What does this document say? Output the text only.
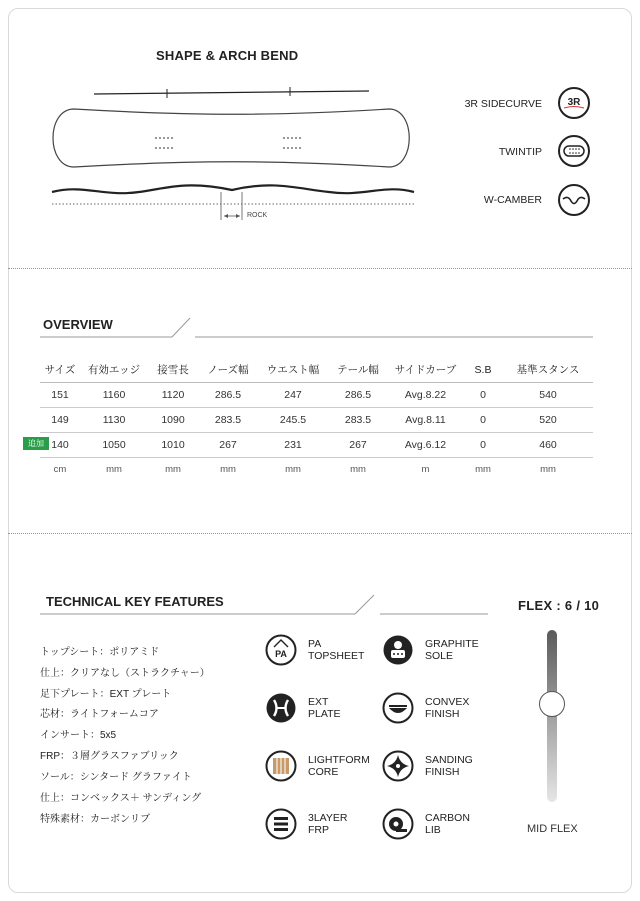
SHAPE & ARCH BEND
ROCK
3R SIDECURVE	3R
TWINTIP
W-CAMBER
OVERVIEW
サイズ	有効エッジ	接雪長	ノーズ幅	ウエスト幅	テール幅	サイドカーブ	S.B	基準スタンス
151	1160	1120	286.5	247	286.5	Avg.8.22	0	540
149	1130	1090	283.5	245.5	283.5	Avg.8.11	0	520
140	1050	1010	267	231	267	Avg.6.12	0	460
cm	mm	mm	mm	mm	mm	m	mm	mm
追加
TECHNICAL KEY FEATURES
トップシート：ポリアミド
仕上：クリアなし（ストラクチャー）
足下プレート：EXT プレート
芯材：ライトフォームコア
インサート：5x5
FRP：３層グラスファブリック
ソール：シンタード グラファイト
仕上：コンベックス＋ サンディング
特殊素材：カーボンリブ
PA
PA
TOPSHEET
EXT
PLATE
LIGHTFORM
CORE
3LAYER
FRP
GRAPHITE
SOLE
CONVEX
FINISH
SANDING
FINISH
CARBON
LIB
FLEX : 6 / 10
MID FLEX
